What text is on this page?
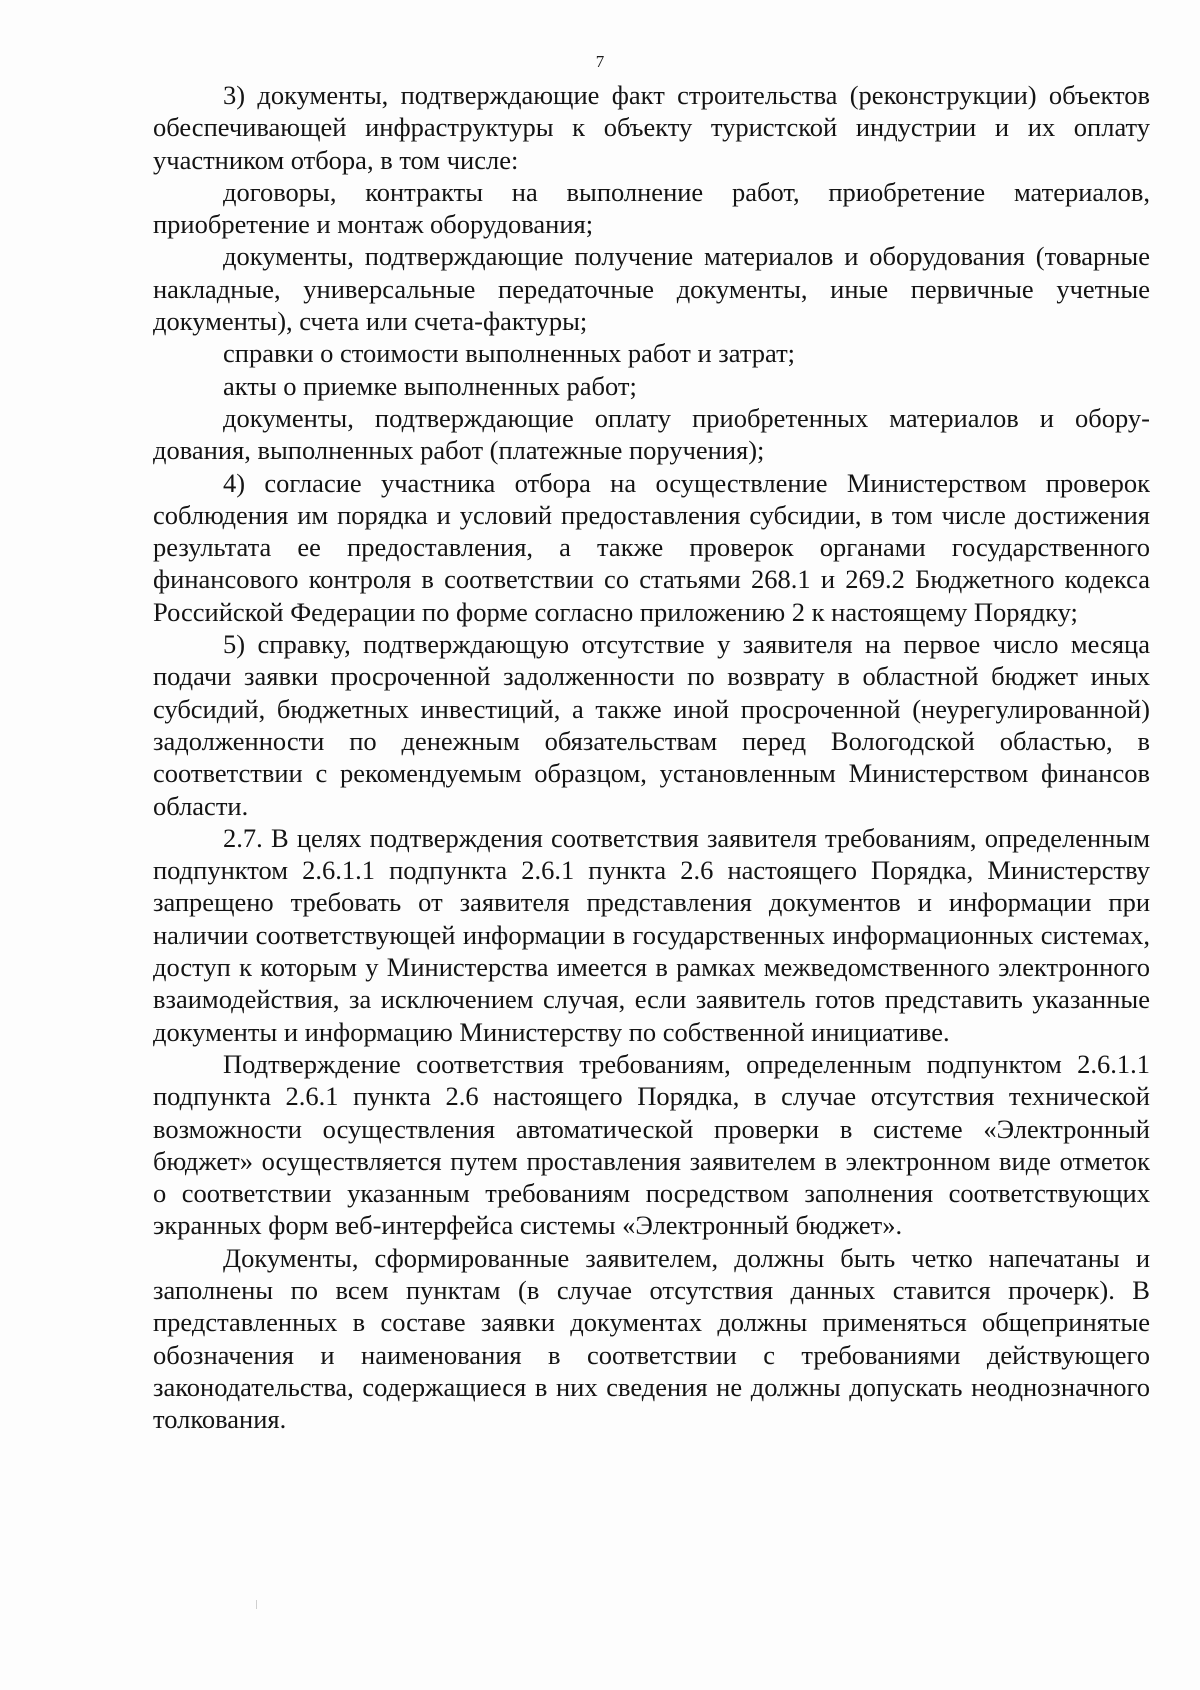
7

3) документы, подтверждающие факт строительства (реконструкции) объектов обеспечивающей инфраструктуры к объекту туристской индустрии и их оплату участником отбора, в том числе:

договоры, контракты на выполнение работ, приобретение материалов, приобретение и монтаж оборудования;

документы, подтверждающие получение материалов и оборудования (товарные накладные, универсальные передаточные документы, иные первичные учетные документы), счета или счета-фактуры;

справки о стоимости выполненных работ и затрат;

акты о приемке выполненных работ;

документы, подтверждающие оплату приобретенных материалов и оборудования, выполненных работ (платежные поручения);

4) согласие участника отбора на осуществление Министерством проверок соблюдения им порядка и условий предоставления субсидии, в том числе достижения результата ее предоставления, а также проверок органами государственного финансового контроля в соответствии со статьями 268.1 и 269.2 Бюджетного кодекса Российской Федерации по форме согласно приложению 2 к настоящему Порядку;

5) справку, подтверждающую отсутствие у заявителя на первое число месяца подачи заявки просроченной задолженности по возврату в областной бюджет иных субсидий, бюджетных инвестиций, а также иной просроченной (неурегулированной) задолженности по денежным обязательствам перед Вологодской областью, в соответствии с рекомендуемым образцом, установленным Министерством финансов области.

2.7. В целях подтверждения соответствия заявителя требованиям, определенным подпунктом 2.6.1.1 подпункта 2.6.1 пункта 2.6 настоящего Порядка, Министерству запрещено требовать от заявителя представления документов и информации при наличии соответствующей информации в государственных информационных системах, доступ к которым у Министерства имеется в рамках межведомственного электронного взаимодействия, за исключением случая, если заявитель готов представить указанные документы и информацию Министерству по собственной инициативе.

Подтверждение соответствия требованиям, определенным подпунктом 2.6.1.1 подпункта 2.6.1 пункта 2.6 настоящего Порядка, в случае отсутствия технической возможности осуществления автоматической проверки в системе «Электронный бюджет» осуществляется путем проставления заявителем в электронном виде отметок о соответствии указанным требованиям посредством заполнения соответствующих экранных форм веб-интерфейса системы «Электронный бюджет».

Документы, сформированные заявителем, должны быть четко напечатаны и заполнены по всем пунктам (в случае отсутствия данных ставится прочерк). В представленных в составе заявки документах должны применяться общепринятые обозначения и наименования в соответствии с требованиями действующего законодательства, содержащиеся в них сведения не должны допускать неоднозначного толкования.
